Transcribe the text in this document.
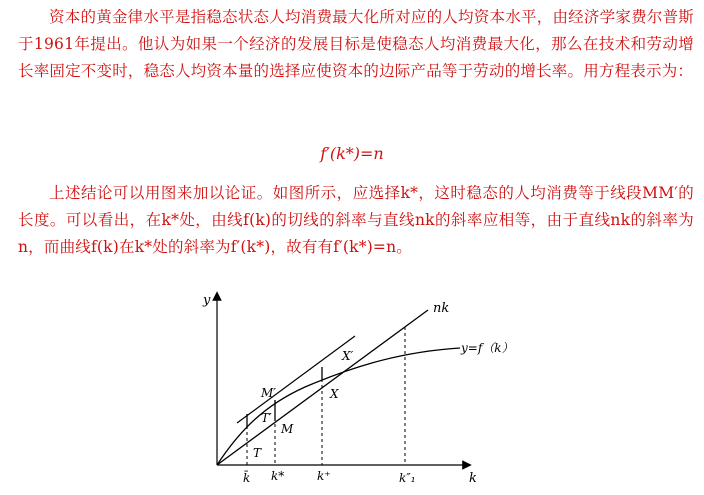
资本的黄金律水平是指稳态状态人均消费最大化所对应的人均资本水平，由经济学家费尔普斯于1961年提出。他认为如果一个经济的发展目标是使稳态人均消费最大化，那么在技术和劳动增长率固定不变时，稳态人均资本量的选择应使资本的边际产品等于劳动的增长率。用方程表示为：

f′(k*)=n

上述结论可以用图来加以论证。如图所示，应选择k*，这时稳态的人均消费等于线段MM′的长度。可以看出，在k*处，由线f(k)的切线的斜率与直线nk的斜率应相等，由于直线nk的斜率为n，而曲线f(k)在k*处的斜率为f′(k*)，故有有f′(k*)=n。

y
k
nk
y=f（k）
X′
X
M′
T′
M
T
k̄ k*	k⁺	k″₁
